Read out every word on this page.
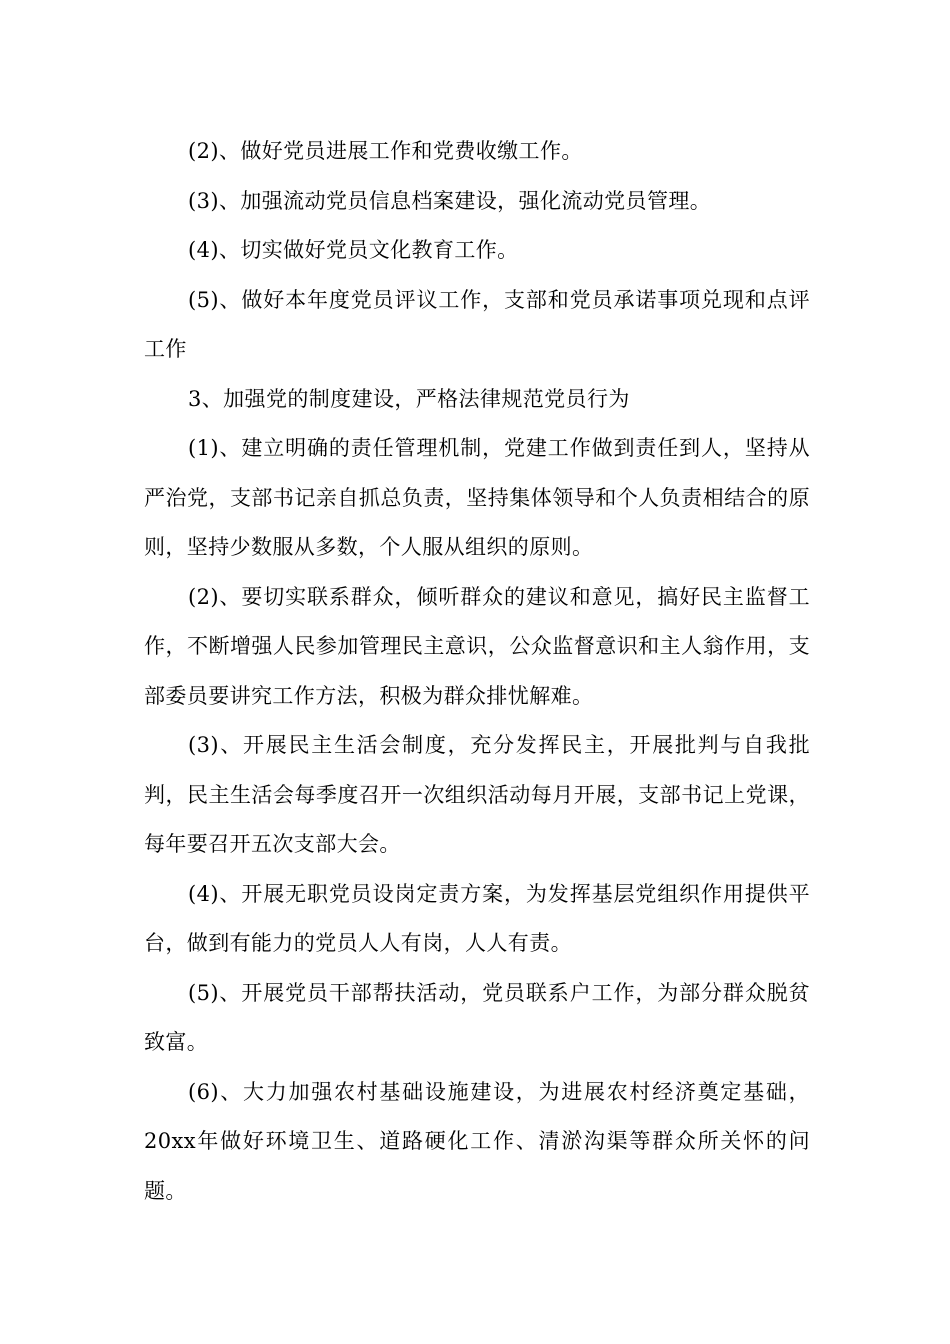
(2)、做好党员进展工作和党费收缴工作。

(3)、加强流动党员信息档案建设，强化流动党员管理。

(4)、切实做好党员文化教育工作。

(5)、做好本年度党员评议工作，支部和党员承诺事项兑现和点评工作

3、加强党的制度建设，严格法律规范党员行为

(1)、建立明确的责任管理机制，党建工作做到责任到人，坚持从严治党，支部书记亲自抓总负责，坚持集体领导和个人负责相结合的原则，坚持少数服从多数，个人服从组织的原则。

(2)、要切实联系群众，倾听群众的建议和意见，搞好民主监督工作，不断增强人民参加管理民主意识，公众监督意识和主人翁作用，支部委员要讲究工作方法，积极为群众排忧解难。

(3)、开展民主生活会制度，充分发挥民主，开展批判与自我批判，民主生活会每季度召开一次组织活动每月开展，支部书记上党课，每年要召开五次支部大会。

(4)、开展无职党员设岗定责方案，为发挥基层党组织作用提供平台，做到有能力的党员人人有岗，人人有责。

(5)、开展党员干部帮扶活动，党员联系户工作，为部分群众脱贫致富。

(6)、大力加强农村基础设施建设，为进展农村经济奠定基础，20xx年做好环境卫生、道路硬化工作、清淤沟渠等群众所关怀的问题。
